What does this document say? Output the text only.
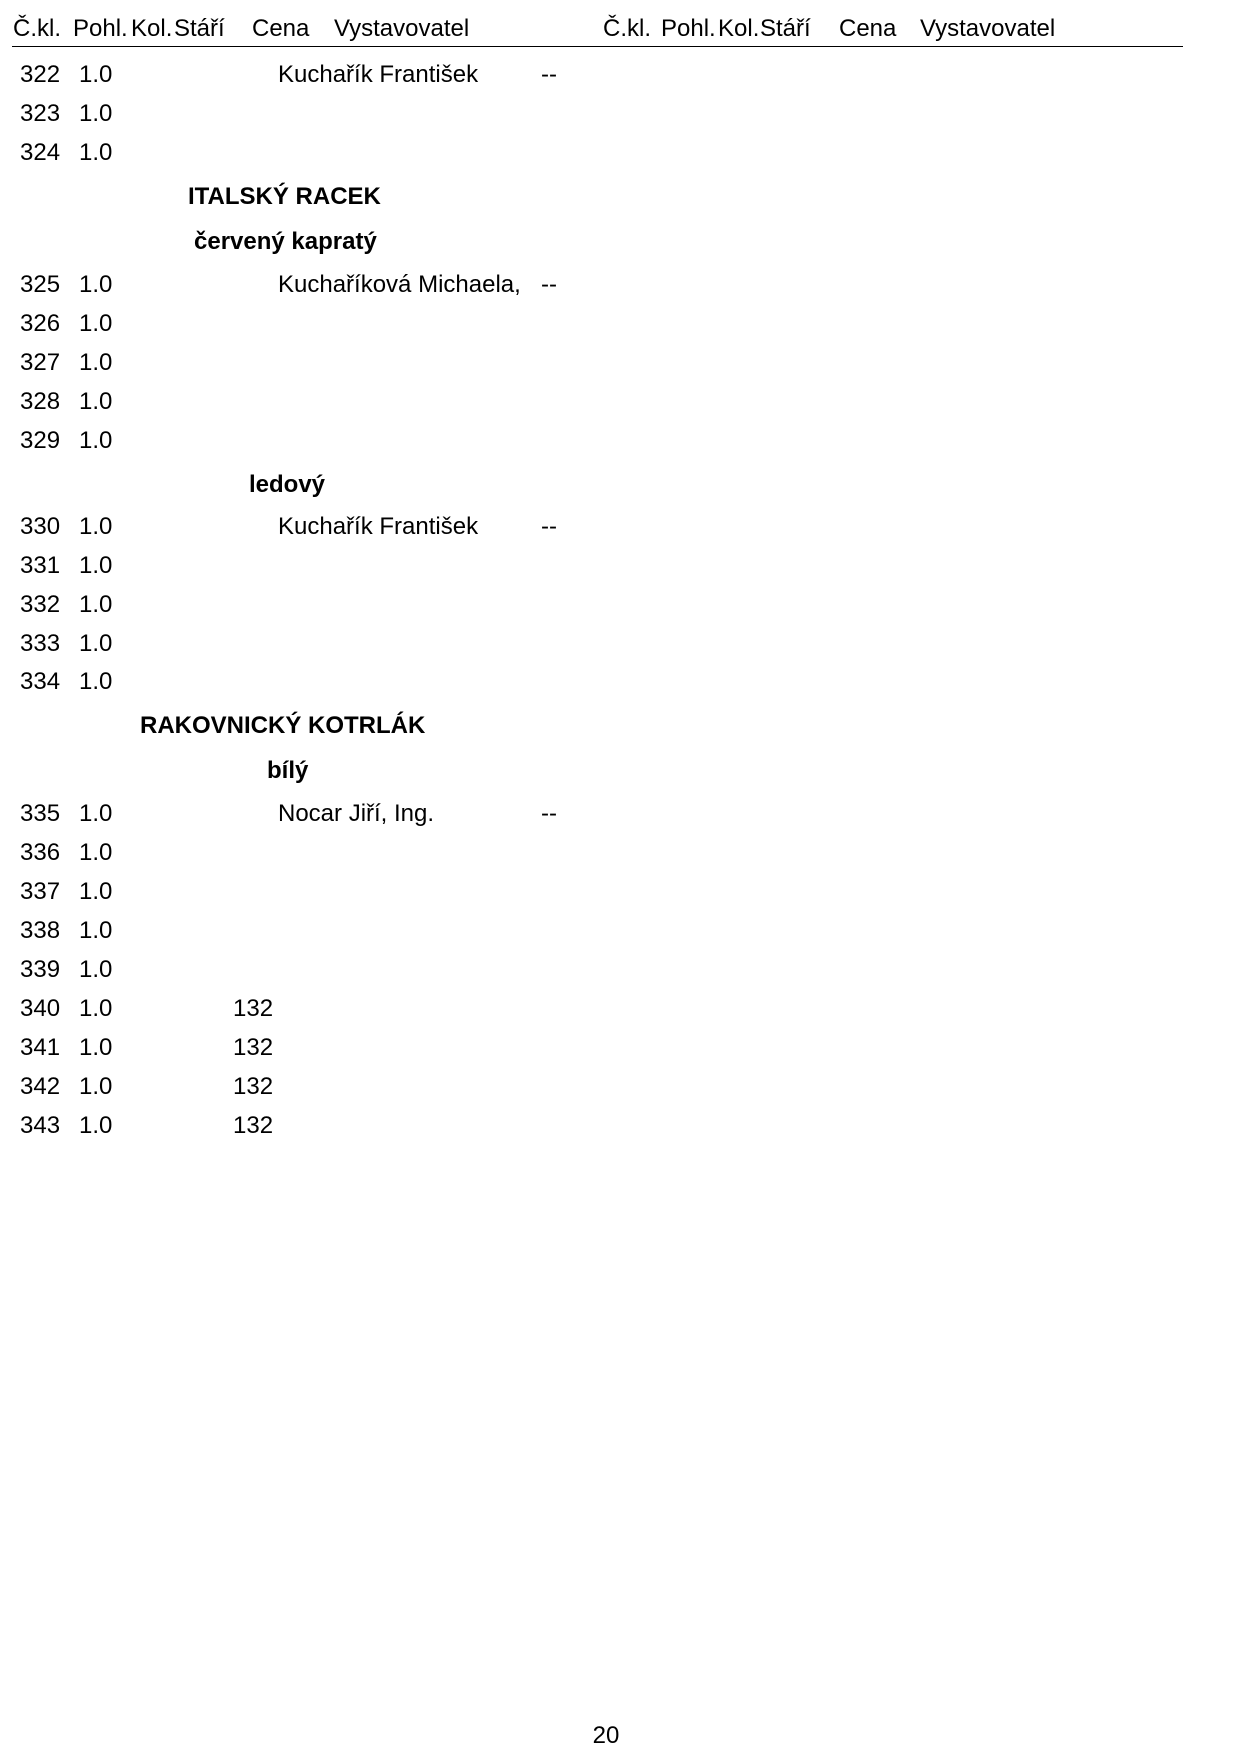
Č.kl. Pohl. Kol. Stáří Cena Vystavovatel	Č.kl. Pohl. Kol. Stáří Cena Vystavovatel
322 1.0	Kuchařík František	--
323 1.0
324 1.0
ITALSKÝ RACEK
červený kapratý
325 1.0	Kuchaříková Michaela, --
326 1.0
327 1.0
328 1.0
329 1.0
ledový
330 1.0	Kuchařík František	--
331 1.0
332 1.0
333 1.0
334 1.0
RAKOVNICKÝ KOTRLÁK
bílý
335 1.0	Nocar Jiří, Ing.	--
336 1.0
337 1.0
338 1.0
339 1.0
340 1.0	132
341 1.0	132
342 1.0	132
343 1.0	132
20
